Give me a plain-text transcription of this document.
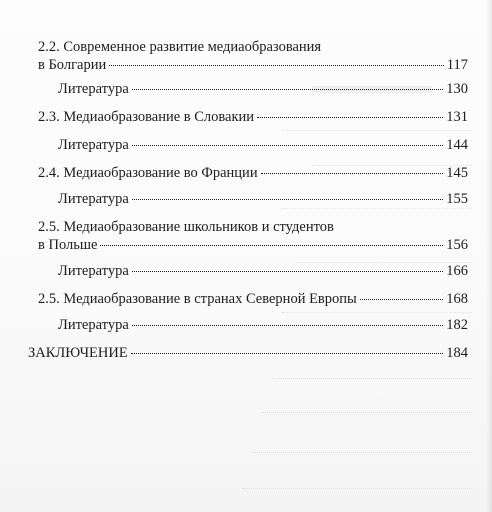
2.2. Современное развитие медиаобразования
в Болгарии	117
Литература	130
2.3. Медиаобразование в Словакии	131
Литература	144
2.4. Медиаобразование во Франции	145
Литература	155
2.5. Медиаобразование школьников и студентов
в Польше	156
Литература	166
2.5. Медиаобразование в странах Северной Европы	168
Литература	182
ЗАКЛЮЧЕНИЕ	184
